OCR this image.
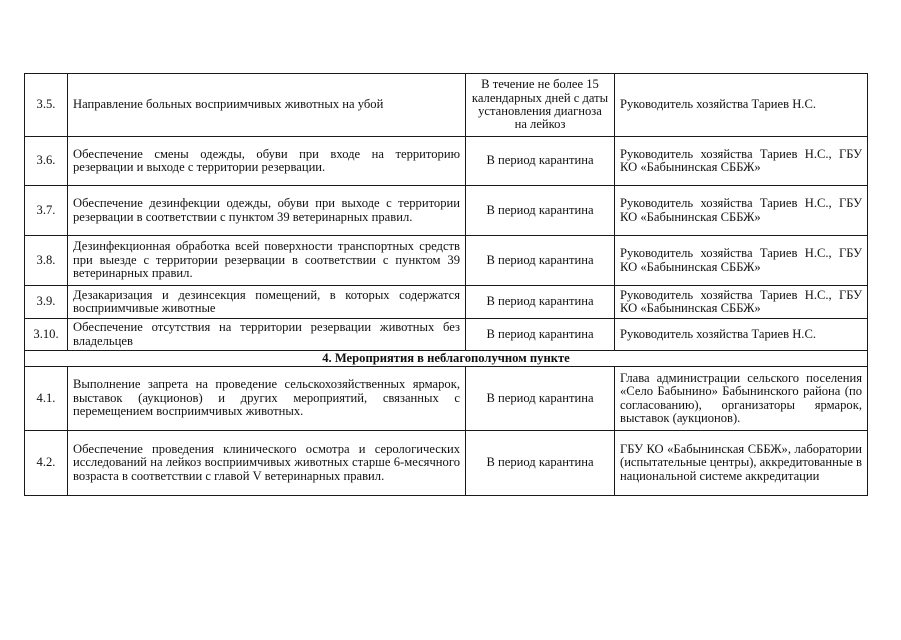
3.5.	Направление больных восприимчивых животных на убой	В течение не более 15 календарных дней с даты установления диагноза на лейкоз	Руководитель хозяйства Тариев Н.С.
3.6.	Обеспечение смены одежды, обуви при входе на территорию резервации и выходе с территории резервации.	В период карантина	Руководитель хозяйства Тариев Н.С., ГБУ КО «Бабынинская СББЖ»
3.7.	Обеспечение дезинфекции одежды, обуви при выходе с территории резервации в соответствии с пунктом 39 ветеринарных правил.	В период карантина	Руководитель хозяйства Тариев Н.С., ГБУ КО «Бабынинская СББЖ»
3.8.	Дезинфекционная обработка всей поверхности транспортных средств при выезде с территории резервации в соответствии с пунктом 39 ветеринарных правил.	В период карантина	Руководитель хозяйства Тариев Н.С., ГБУ КО «Бабынинская СББЖ»
3.9.	Дезакаризация и дезинсекция помещений, в которых содержатся восприимчивые животные	В период карантина	Руководитель хозяйства Тариев Н.С., ГБУ КО «Бабынинская СББЖ»
3.10.	Обеспечение отсутствия на территории резервации животных без владельцев	В период карантина	Руководитель хозяйства Тариев Н.С.
4. Мероприятия в неблагополучном пункте			
4.1.	Выполнение запрета на проведение сельскохозяйственных ярмарок, выставок (аукционов) и других мероприятий, связанных с перемещением восприимчивых животных.	В период карантина	Глава администрации сельского поселения «Село Бабынино» Бабынинского района (по согласованию), организаторы ярмарок, выставок (аукционов).
4.2.	Обеспечение проведения клинического осмотра и серологических исследований на лейкоз восприимчивых животных старше 6-месячного возраста в соответствии с главой V ветеринарных правил.	В период карантина	ГБУ КО «Бабынинская СББЖ», лаборатории (испытательные центры), аккредитованные в национальной системе аккредитации
